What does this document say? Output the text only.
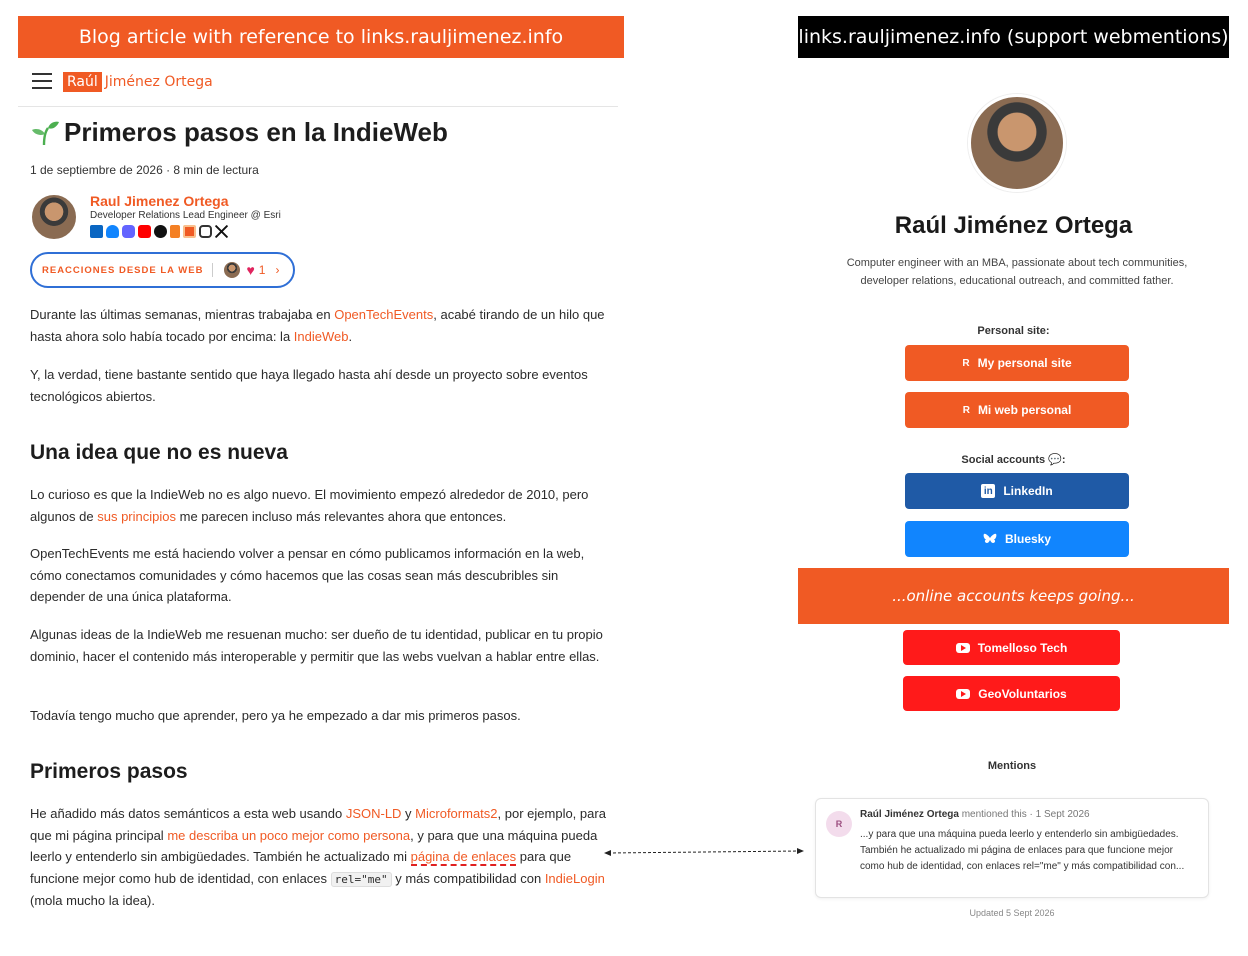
Blog article with reference to links.rauljimenez.info	links.rauljimenez.info (support webmentions)
Raúl Jiménez Ortega
Primeros pasos en la IndieWeb
1 de septiembre de 2026 · 8 min de lectura
Raul Jimenez Ortega
Developer Relations Lead Engineer @ Esri
REACCIONES DESDE LA WEB	♥ 1 ›
Durante las últimas semanas, mientras trabajaba en OpenTechEvents, acabé tirando de un hilo que hasta ahora solo había tocado por encima: la IndieWeb.
Y, la verdad, tiene bastante sentido que haya llegado hasta ahí desde un proyecto sobre eventos tecnológicos abiertos.
Una idea que no es nueva
Lo curioso es que la IndieWeb no es algo nuevo. El movimiento empezó alrededor de 2010, pero algunos de sus principios me parecen incluso más relevantes ahora que entonces.
OpenTechEvents me está haciendo volver a pensar en cómo publicamos información en la web, cómo conectamos comunidades y cómo hacemos que las cosas sean más descubribles sin depender de una única plataforma.
Algunas ideas de la IndieWeb me resuenan mucho: ser dueño de tu identidad, publicar en tu propio dominio, hacer el contenido más interoperable y permitir que las webs vuelvan a hablar entre ellas.
Todavía tengo mucho que aprender, pero ya he empezado a dar mis primeros pasos.
Primeros pasos
He añadido más datos semánticos a esta web usando JSON-LD y Microformats2, por ejemplo, para que mi página principal me describa un poco mejor como persona, y para que una máquina pueda leerlo y entenderlo sin ambigüedades. También he actualizado mi página de enlaces para que funcione mejor como hub de identidad, con enlaces rel="me" y más compatibilidad con IndieLogin (mola mucho la idea).
Raúl Jiménez Ortega
Computer engineer with an MBA, passionate about tech communities, developer relations, educational outreach, and committed father.
Personal site:
R My personal site
R Mi web personal
Social accounts 💬:
in LinkedIn
Bluesky
...online accounts keeps going...
Tomelloso Tech
GeoVoluntarios
Mentions
R
Raúl Jiménez Ortega mentioned this · 1 Sept 2026
...y para que una máquina pueda leerlo y entenderlo sin ambigüedades. También he actualizado mi página de enlaces para que funcione mejor como hub de identidad, con enlaces rel="me" y más compatibilidad con...
Updated 5 Sept 2026
